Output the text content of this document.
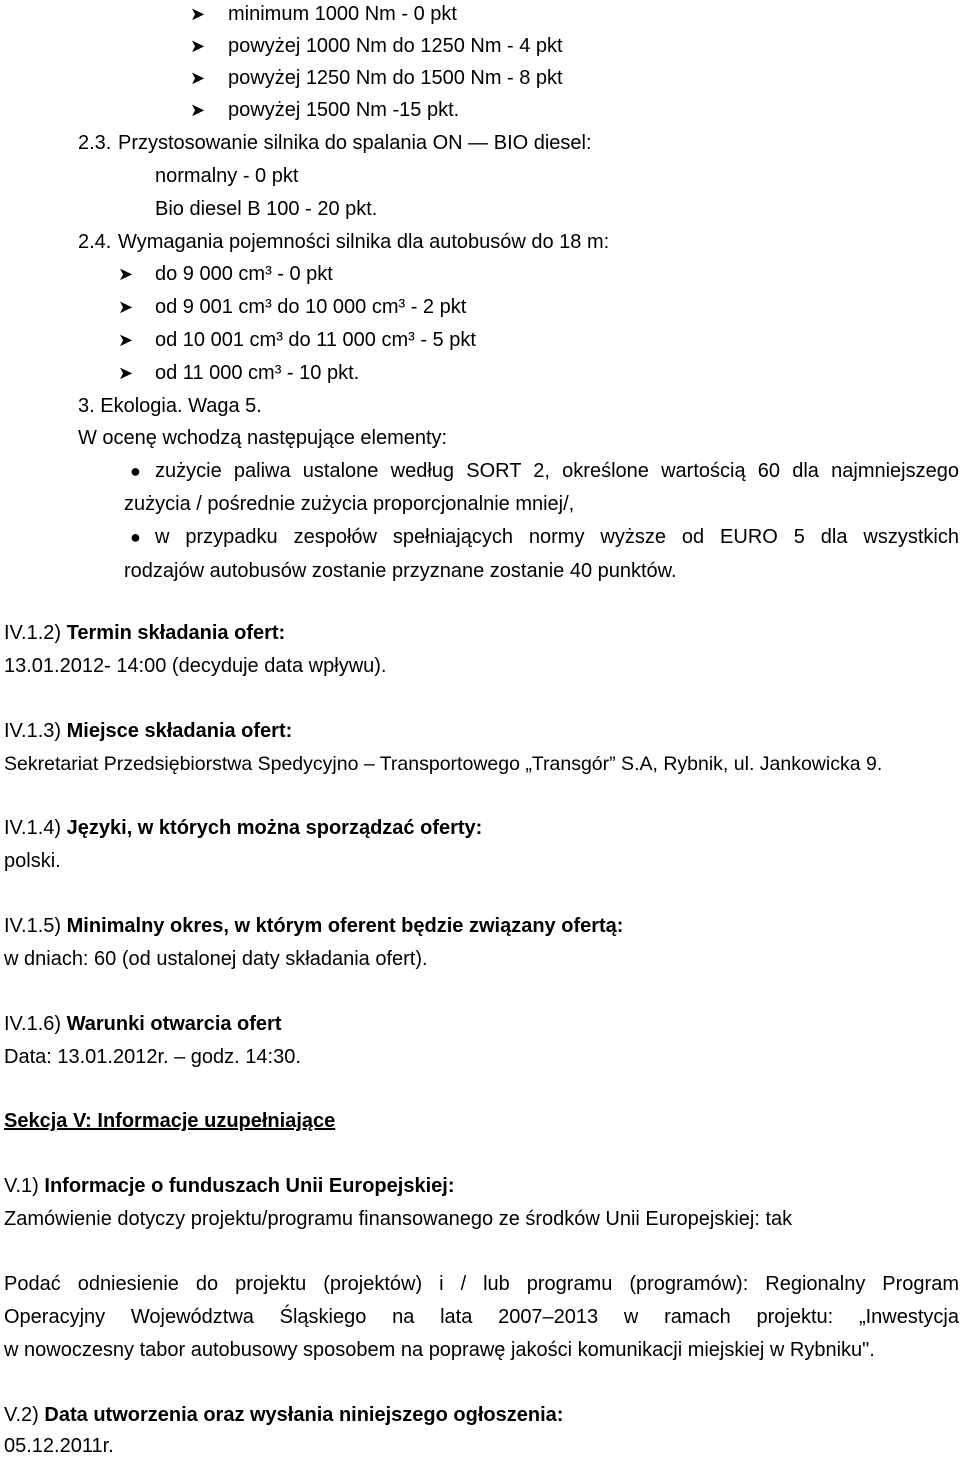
➤ minimum 1000 Nm - 0 pkt
➤ powyżej 1000 Nm do 1250 Nm - 4 pkt
➤ powyżej 1250 Nm do 1500 Nm - 8 pkt
➤ powyżej 1500 Nm -15 pkt.
2.3. Przystosowanie silnika do spalania ON — BIO diesel:
normalny - 0 pkt
Bio diesel B 100 - 20 pkt.
2.4. Wymagania pojemności silnika dla autobusów do 18 m:
➤ do 9 000 cm³ - 0 pkt
➤ od 9 001 cm³ do 10 000 cm³ - 2 pkt
➤ od 10 001 cm³ do 11 000 cm³ - 5 pkt
➤ od 11 000 cm³ - 10 pkt.
3. Ekologia. Waga 5.
W ocenę wchodzą następujące elementy:
● zużycie paliwa ustalone według SORT 2, określone wartością 60 dla najmniejszego
zużycia / pośrednie zużycia proporcjonalnie mniej/,
● w przypadku zespołów spełniających normy wyższe od EURO 5 dla wszystkich
rodzajów autobusów zostanie przyznane zostanie 40 punktów.
IV.1.2) Termin składania ofert:
13.01.2012- 14:00 (decyduje data wpływu).
IV.1.3) Miejsce składania ofert:
Sekretariat Przedsiębiorstwa Spedycyjno – Transportowego „Transgór” S.A, Rybnik, ul. Jankowicka 9.
IV.1.4) Języki, w których można sporządzać oferty:
polski.
IV.1.5) Minimalny okres, w którym oferent będzie związany ofertą:
w dniach: 60 (od ustalonej daty składania ofert).
IV.1.6) Warunki otwarcia ofert
Data: 13.01.2012r. – godz. 14:30.
Sekcja V: Informacje uzupełniające
V.1) Informacje o funduszach Unii Europejskiej:
Zamówienie dotyczy projektu/programu finansowanego ze środków Unii Europejskiej: tak
Podać odniesienie do projektu (projektów) i / lub programu (programów): Regionalny Program
Operacyjny Województwa Śląskiego na lata 2007–2013 w ramach projektu: „Inwestycja
w nowoczesny tabor autobusowy sposobem na poprawę jakości komunikacji miejskiej w Rybniku".
V.2) Data utworzenia oraz wysłania niniejszego ogłoszenia:
05.12.2011r.
